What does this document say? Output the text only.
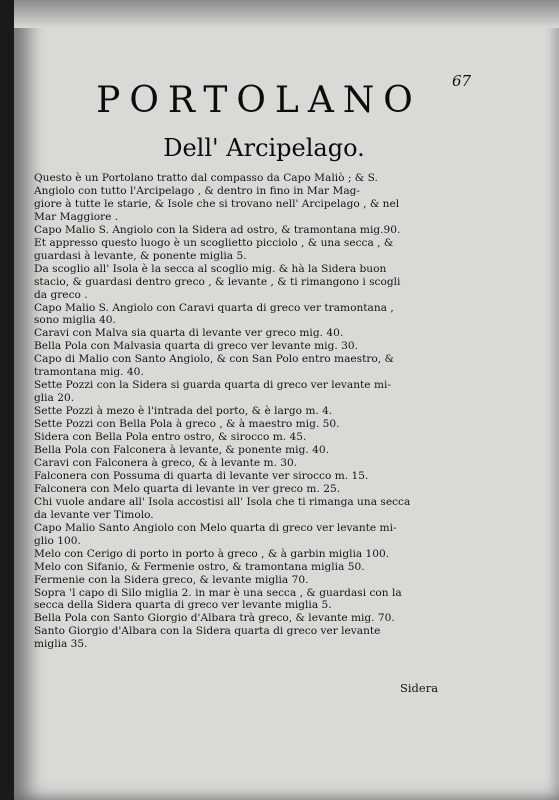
67
PORTOLANO
Dell' Arcipelago.
Questo è un Portolano tratto dal compasso da Capo Maliò ; & S.
Angiolo con tutto l'Arcipelago , & dentro in fino in Mar Mag-
giore à tutte le starie, & Isole che si trovano nell' Arcipelago , & nel
Mar Maggiore .
Capo Malio S. Angiolo con la Sidera ad ostro, & tramontana mig.90.
Et appresso questo luogo è un scoglietto picciolo , & una secca , &
guardasi à levante, & ponente miglia 5.
Da scoglio all' Isola è la secca al scoglio mig. & hà la Sidera buon
stacio, & guardasi dentro greco , & levante , & ti rimangono i scogli
da greco .
Capo Malio S. Angiolo con Caravi quarta di greco ver tramontana ,
sono miglia 40.
Caravi con Malva sia quarta di levante ver greco mig. 40.
Bella Pola con Malvasia quarta di greco ver levante mig. 30.
Capo di Malio con Santo Angiolo, & con San Polo entro maestro, &
tramontana mig. 40.
Sette Pozzi con la Sidera si guarda quarta di greco ver levante mi-
glia 20.
Sette Pozzi à mezo è l'intrada del porto, & è largo m. 4.
Sette Pozzi con Bella Pola à greco , & à maestro mig. 50.
Sidera con Bella Pola entro ostro, & sirocco m. 45.
Bella Pola con Falconera à levante, & ponente mig. 40.
Caravi con Falconera à greco, & à levante m. 30.
Falconera con Possuma di quarta di levante ver sirocco m. 15.
Falconera con Melo quarta di levante in ver greco m. 25.
Chi vuole andare all' Isola accostisi all' Isola che ti rimanga una secca
da levante ver Timolo.
Capo Malio Santo Angiolo con Melo quarta di greco ver levante mi-
glio 100.
Melo con Cerigo di porto in porto à greco , & à garbin miglia 100.
Melo con Sifanio, & Fermenie ostro, & tramontana miglia 50.
Fermenie con la Sidera greco, & levante miglia 70.
Sopra 'l capo di Silo miglia 2. in mar è una secca , & guardasi con la
secca della Sidera quarta di greco ver levante miglia 5.
Bella Pola con Santo Giorgio d'Albara trà greco, & levante mig. 70.
Santo Giorgio d'Albara con la Sidera quarta di greco ver levante
miglia 35.
Sidera
